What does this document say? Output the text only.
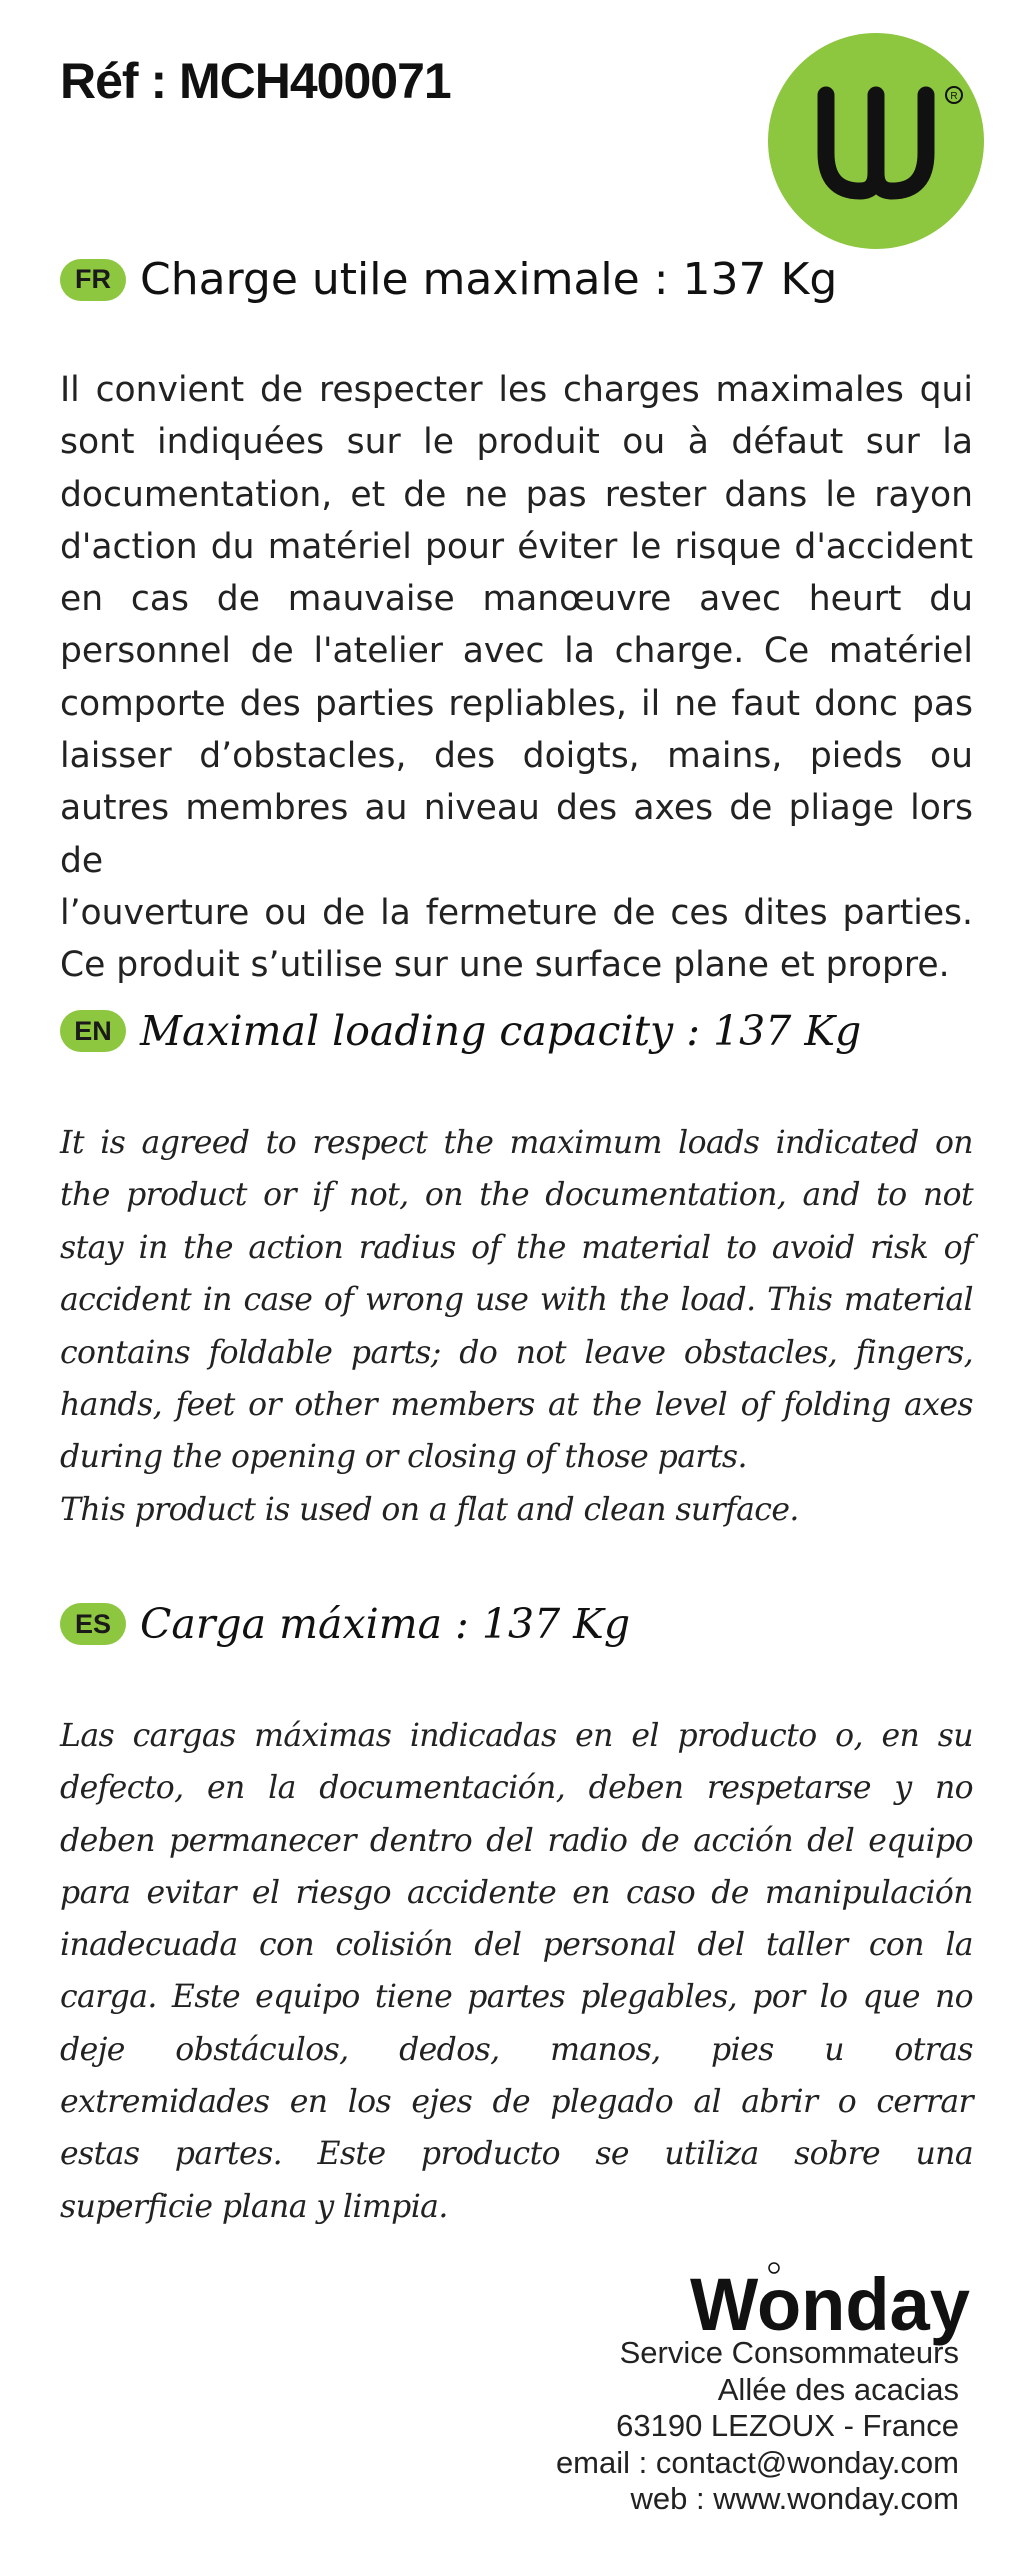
Réf : MCH400071	R
FR Charge utile maximale : 137 Kg
Il convient de respecter les charges maximales qui
sont indiquées sur le produit ou à défaut sur la
documentation, et de ne pas rester dans le rayon
d'action du matériel pour éviter le risque d'accident
en cas de mauvaise manœuvre avec heurt du
personnel de l'atelier avec la charge. Ce matériel
comporte des parties repliables, il ne faut donc pas
laisser d’obstacles, des doigts, mains, pieds ou
autres membres au niveau des axes de pliage lors de
l’ouverture ou de la fermeture de ces dites parties.
Ce produit s’utilise sur une surface plane et propre.
EN Maximal loading capacity : 137 Kg
It is agreed to respect the maximum loads indicated on
the product or if not, on the documentation, and to not
stay in the action radius of the material to avoid risk of
accident in case of wrong use with the load. This material
contains foldable parts; do not leave obstacles, fingers,
hands, feet or other members at the level of folding axes
during the opening or closing of those parts.
This product is used on a flat and clean surface.
ES Carga máxima : 137 Kg
Las cargas máximas indicadas en el producto o, en su
defecto, en la documentación, deben respetarse y no
deben permanecer dentro del radio de acción del equipo
para evitar el riesgo accidente en caso de manipulación
inadecuada con colisión del personal del taller con la
carga. Este equipo tiene partes plegables, por lo que no
deje obstáculos, dedos, manos, pies u otras
extremidades en los ejes de plegado al abrir o cerrar
estas partes. Este producto se utiliza sobre una
superficie plana y limpia.
Wonday
Service Consommateurs
Allée des acacias
63190 LEZOUX - France
email : contact@wonday.com
web : www.wonday.com
